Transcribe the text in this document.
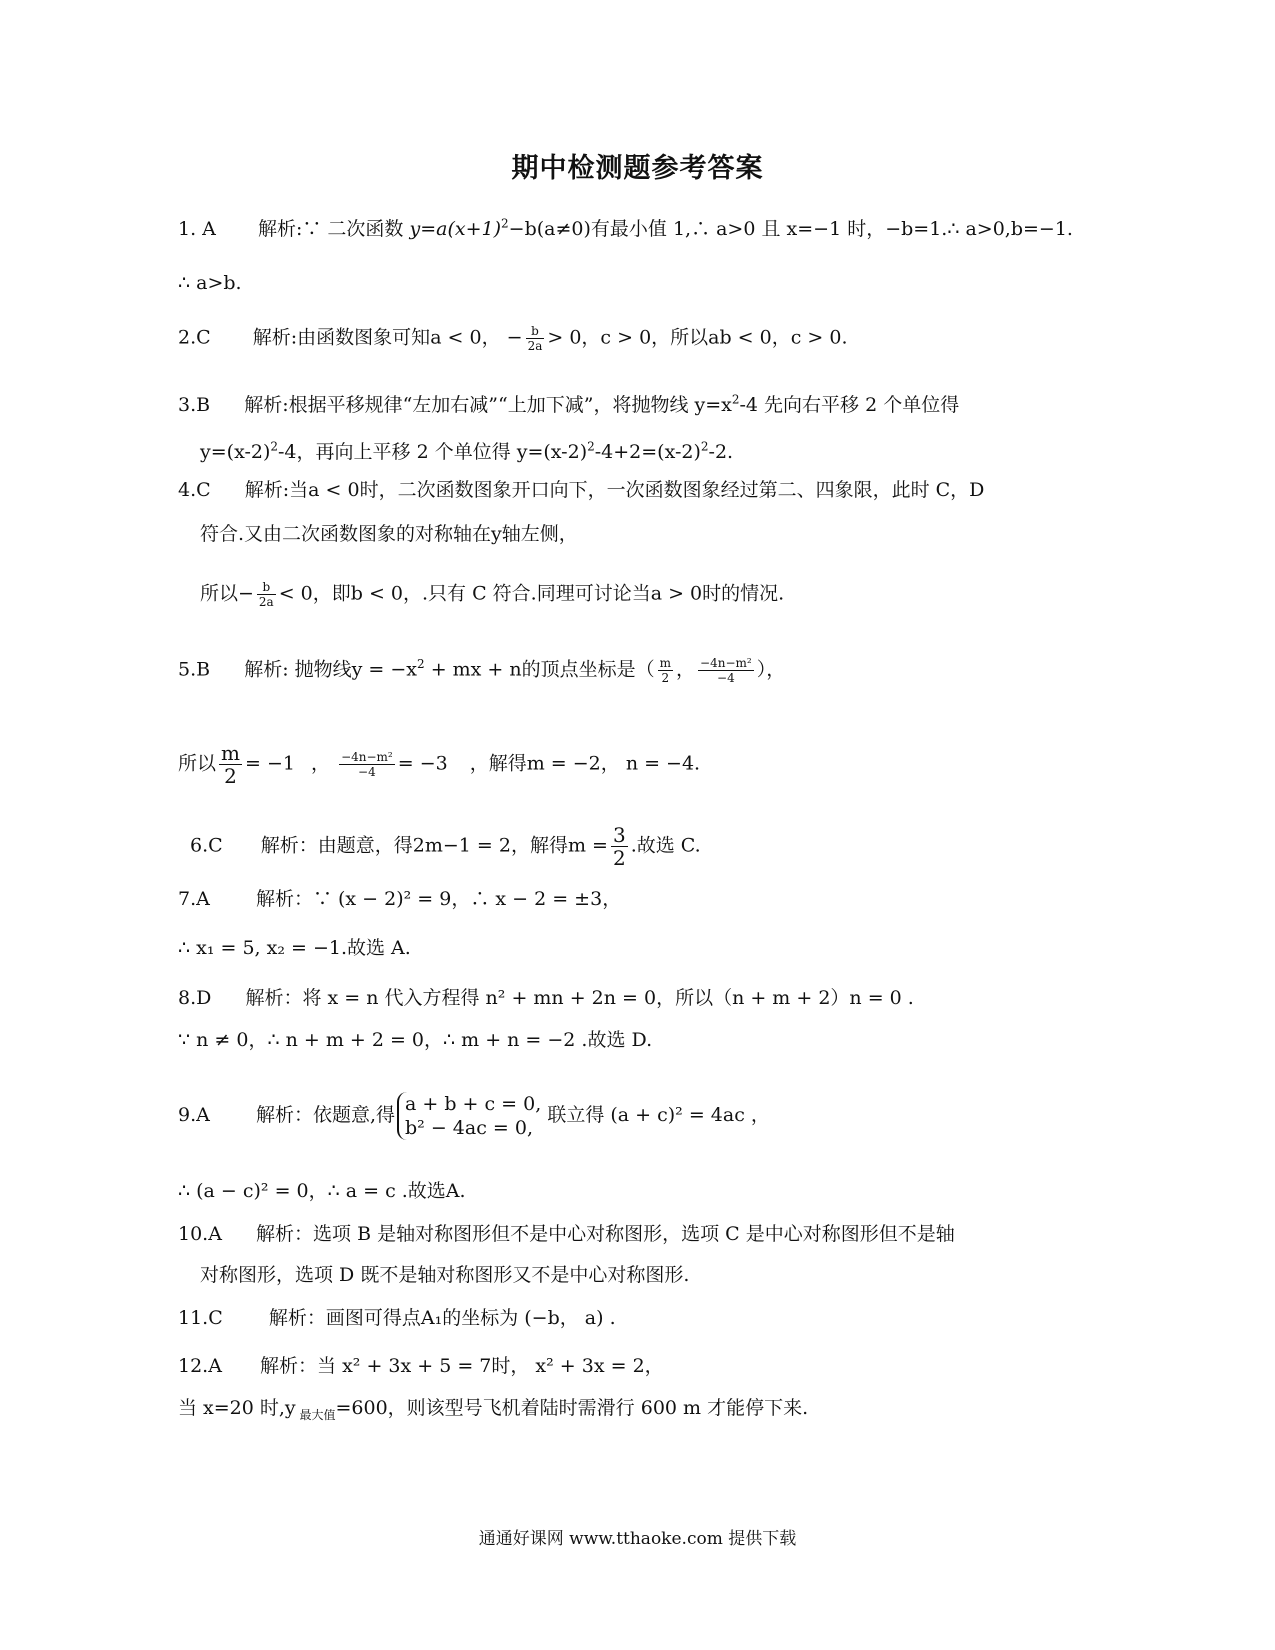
期中检测题参考答案
1. A 解析:∵ 二次函数 $y=a(x+1)^2-b(a\ne 0)$有最小值 1,∴ a>0 且 x=−1 时，−b=1.∴ a>0,b=−1.
∴ a>b.
2.C 解析:由函数图象可知a < 0， − $\frac{b}{2a} > 0$，c > 0，所以ab < 0，c > 0.
3.B 解析:根据平移规律“左加右减”“上加下减”，将抛物线 $y=x^2-4$ 先向右平移 2 个单位得
$y=(x-2)^2-4$，再向上平移 2 个单位得 $y=(x-2)^2-4+2=(x-2)^2-2$.
4.C 解析:当a < 0时，二次函数图象开口向下，一次函数图象经过第二、四象限，此时 C，D
符合.又由二次函数图象的对称轴在y轴左侧，
所以− $\frac{b}{2a} < 0$，即b < 0，.只有 C 符合.同理可讨论当a > 0时的情况.
5.B 解析: 抛物线$y = -x^2$ + mx + n的顶点坐标是（ $\frac{m}{2}$ ， $\frac{\text{−4n−m²}}{-4}$ ），
所以 $\frac{m}{2} = -1$ ， $\frac{\text{−4n−m²}}{-4} = -3$ ，解得m = −2， n = −4.
6.C 解析：由题意，得2m−1 = 2，解得$m = \frac{3}{2}$ .故选 C.
7.A 解析：∵ (x − 2)² = 9，∴ x − 2 = ±3，
∴ x₁ = 5, x₂ = −1.故选 A.
8.D 解析：将 x = n 代入方程得 n² + mn + 2n = 0，所以（n + m + 2）n = 0 .
∵ n ≠ 0，∴ n + m + 2 = 0，∴ m + n = −2 .故选 D.
9.A 解析：依题意,得 a + b + c = 0,
b² − 4ac = 0,
联立得 (a + c)² = 4ac ，
∴ (a − c)² = 0，∴ a = c .故选A.
10.A 解析：选项 B 是轴对称图形但不是中心对称图形，选项 C 是中心对称图形但不是轴
对称图形，选项 D 既不是轴对称图形又不是中心对称图形.
11.C 解析：画图可得点A₁的坐标为 (−b， a) .
12.A 解析：当 x² + 3x + 5 = 7时， x² + 3x = 2，
当 x=20 时,y $_{最大值}$=600，则该型号飞机着陆时需滑行 600 m 才能停下来.
通通好课网 www.tthaoke.com 提供下载
